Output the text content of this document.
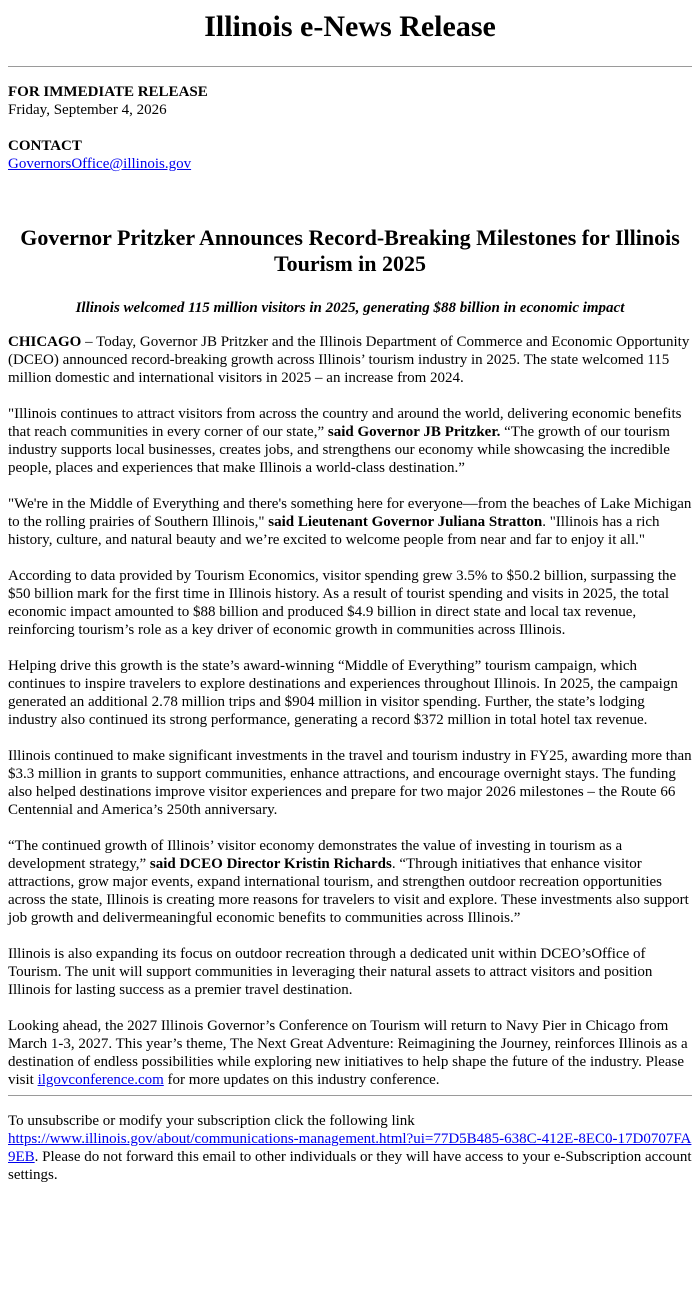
Illinois e-News Release
FOR IMMEDIATE RELEASE
Friday, September 4, 2026
CONTACT
GovernorsOffice@illinois.gov
Governor Pritzker Announces Record-Breaking Milestones for Illinois Tourism in 2025
Illinois welcomed 115 million visitors in 2025, generating $88 billion in economic impact

CHICAGO – Today, Governor JB Pritzker and the Illinois Department of Commerce and Economic Opportunity (DCEO) announced record-breaking growth across Illinois’ tourism industry in 2025. The state welcomed 115 million domestic and international visitors in 2025 – an increase from 2024.

"Illinois continues to attract visitors from across the country and around the world, delivering economic benefits that reach communities in every corner of our state,” said Governor JB Pritzker. “The growth of our tourism industry supports local businesses, creates jobs, and strengthens our economy while showcasing the incredible people, places and experiences that make Illinois a world-class destination.”

"We're in the Middle of Everything and there's something here for everyone—from the beaches of Lake Michigan to the rolling prairies of Southern Illinois," said Lieutenant Governor Juliana Stratton. "Illinois has a rich history, culture, and natural beauty and we’re excited to welcome people from near and far to enjoy it all."

According to data provided by Tourism Economics, visitor spending grew 3.5% to $50.2 billion, surpassing the $50 billion mark for the first time in Illinois history. As a result of tourist spending and visits in 2025, the total economic impact amounted to $88 billion and produced $4.9 billion in direct state and local tax revenue, reinforcing tourism’s role as a key driver of economic growth in communities across Illinois.

Helping drive this growth is the state’s award-winning “Middle of Everything” tourism campaign, which continues to inspire travelers to explore destinations and experiences throughout Illinois. In 2025, the campaign generated an additional 2.78 million trips and $904 million in visitor spending. Further, the state’s lodging industry also continued its strong performance, generating a record $372 million in total hotel tax revenue.

Illinois continued to make significant investments in the travel and tourism industry in FY25, awarding more than $3.3 million in grants to support communities, enhance attractions, and encourage overnight stays. The funding also helped destinations improve visitor experiences and prepare for two major 2026 milestones – the Route 66 Centennial and America’s 250th anniversary.

“The continued growth of Illinois’ visitor economy demonstrates the value of investing in tourism as a development strategy,” said DCEO Director Kristin Richards. “Through initiatives that enhance visitor attractions, grow major events, expand international tourism, and strengthen outdoor recreation opportunities across the state, Illinois is creating more reasons for travelers to visit and explore. These investments also support job growth and delivermeaningful economic benefits to communities across Illinois.”

Illinois is also expanding its focus on outdoor recreation through a dedicated unit within DCEO’sOffice of Tourism. The unit will support communities in leveraging their natural assets to attract visitors and position Illinois for lasting success as a premier travel destination.

Looking ahead, the 2027 Illinois Governor’s Conference on Tourism will return to Navy Pier in Chicago from March 1-3, 2027. This year’s theme, The Next Great Adventure: Reimagining the Journey, reinforces Illinois as a destination of endless possibilities while exploring new initiatives to help shape the future of the industry. Please visit ilgovconference.com for more updates on this industry conference.

To unsubscribe or modify your subscription click the following link
https://www.illinois.gov/about/communications-management.html?ui=77D5B485-638C-412E-8EC0-17D0707FA9EB. Please do not forward this email to other individuals or they will have access to your e-Subscription account settings.
